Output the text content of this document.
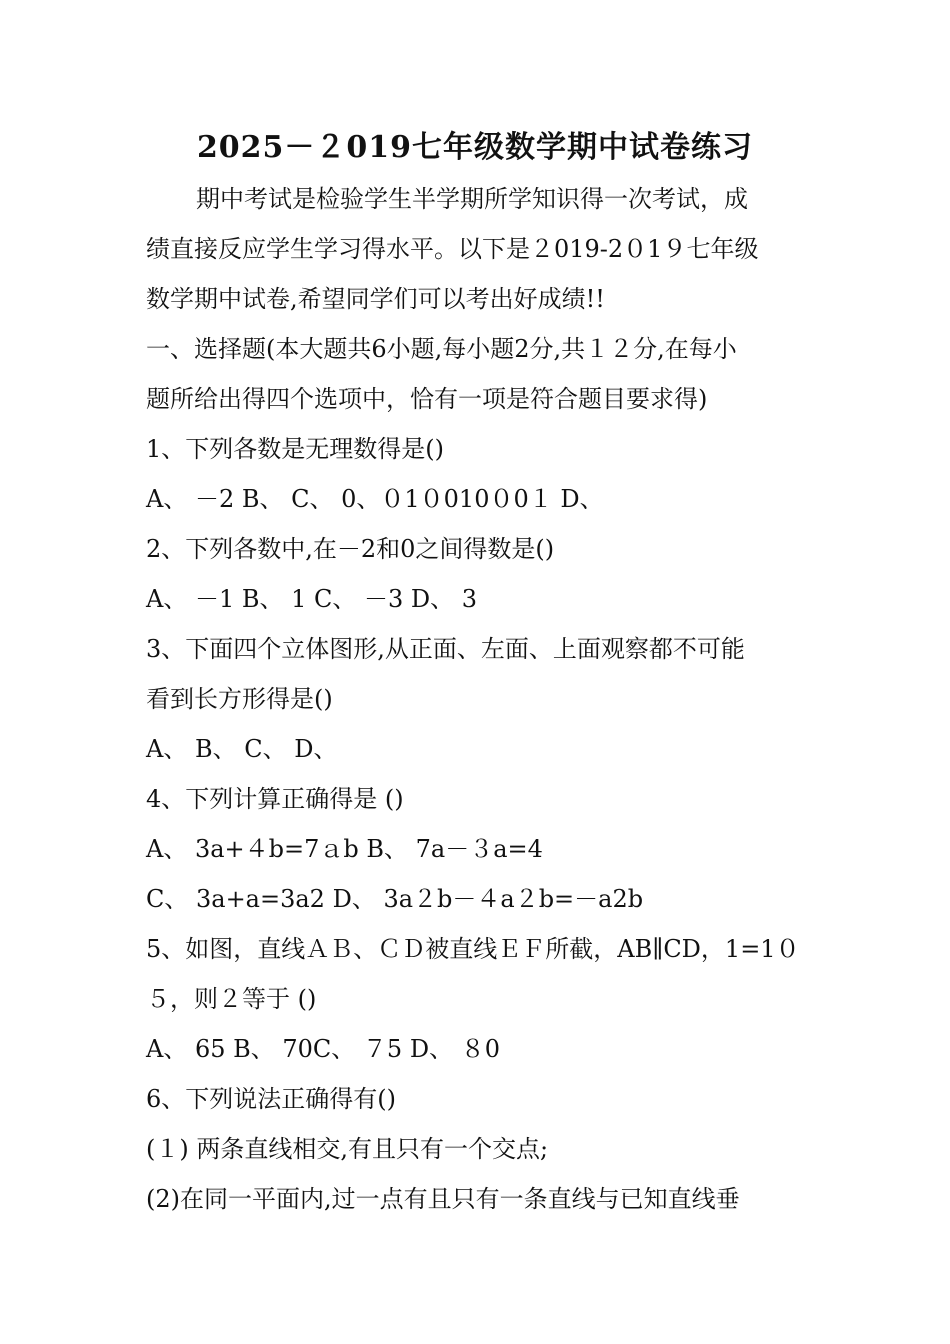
2025－２019七年级数学期中试卷练习
期中考试是检验学生半学期所学知识得一次考试，成
绩直接反应学生学习得水平。以下是２019-2０1９七年级
数学期中试卷,希望同学们可以考出好成绩!!
一、选择题(本大题共6小题,每小题2分,共１２分,在每小
题所给出得四个选项中，恰有一项是符合题目要求得)
1、下列各数是无理数得是()
A、 －2 B、 C、 0、０1０010０0１ D、
2、下列各数中,在－2和0之间得数是()
A、 －1 B、 1 C、 －3 D、 3
3、下面四个立体图形,从正面、左面、上面观察都不可能
看到长方形得是()
A、 B、 C、 D、
4、下列计算正确得是 ()
A、 3a+４b=7ａb B、 7a－３a=4
C、 3a+a=3a2 D、 3a２b－４a２b=－a2b
5、如图，直线ＡＢ、ＣＤ被直线ＥＦ所截，AB∥CD，1=1０
５，则２等于 ()
A、 65 B、 70C、 ７5 D、 ８0
6、下列说法正确得有()
(１) 两条直线相交,有且只有一个交点;
(2)在同一平面内,过一点有且只有一条直线与已知直线垂
